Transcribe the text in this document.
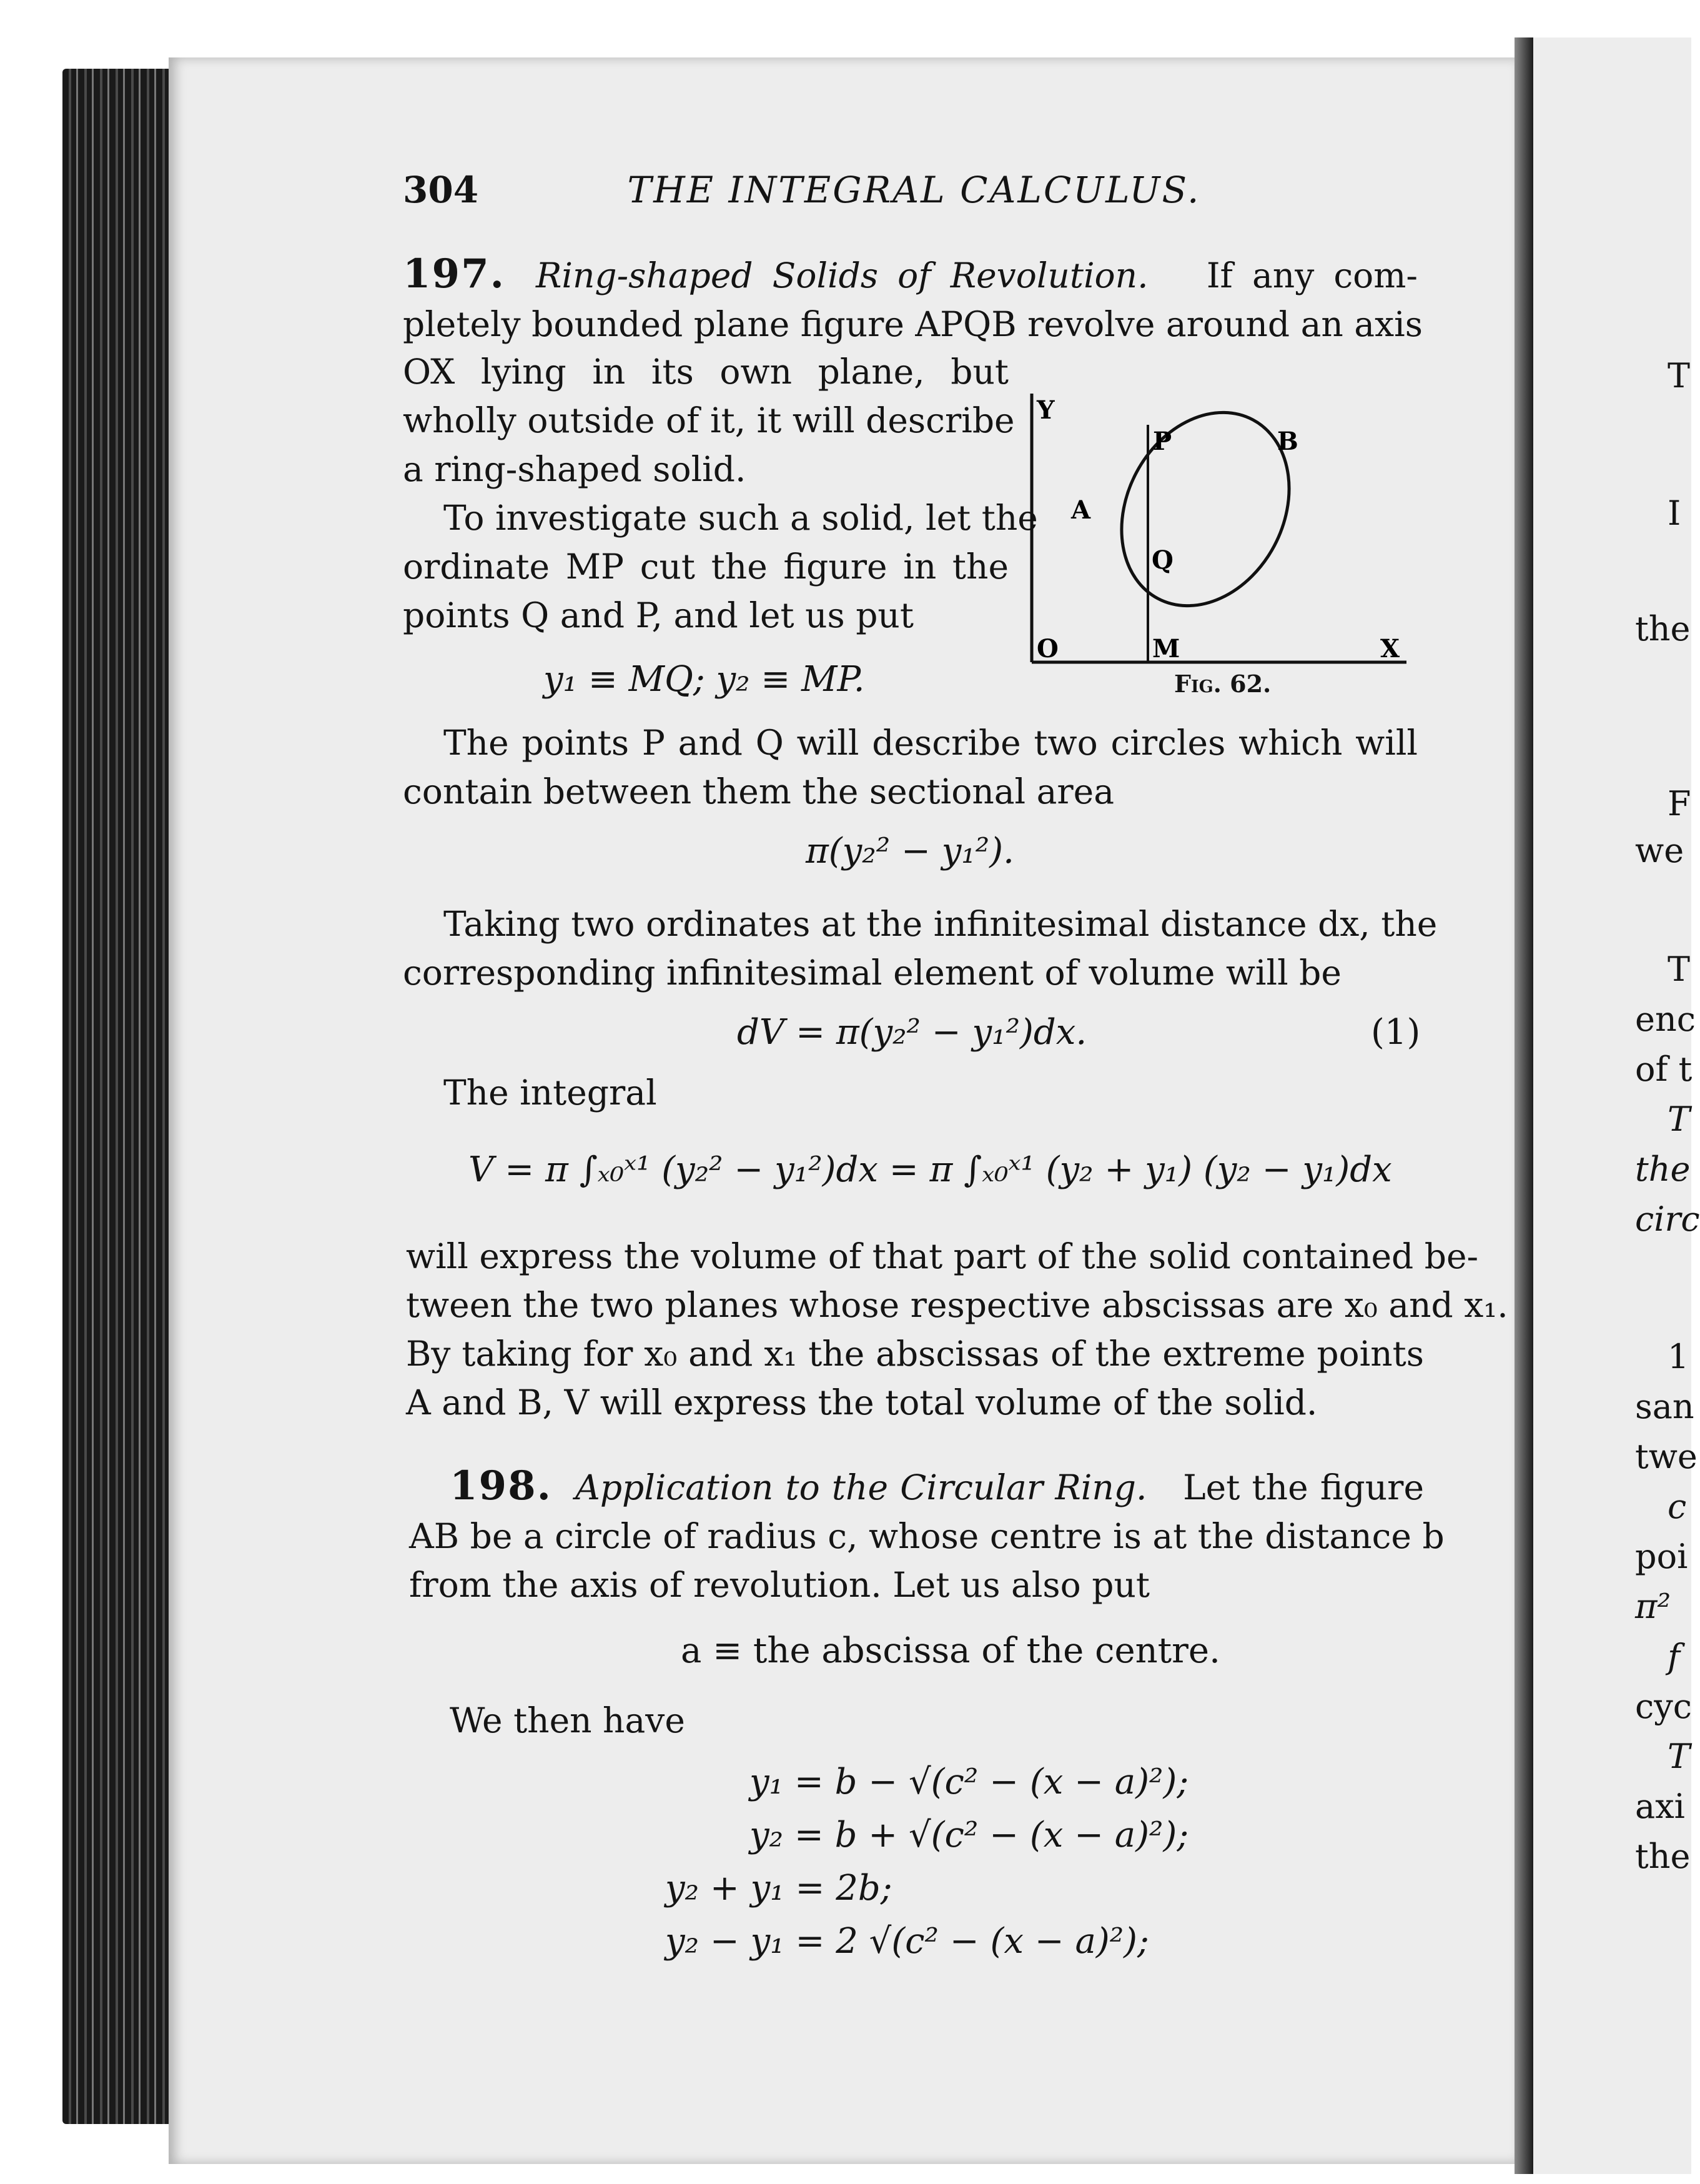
304	THE INTEGRAL CALCULUS.
197. Ring-shaped Solids of Revolution. If any com-
pletely bounded plane figure APQB revolve around an axis
OX lying in its own plane, but
wholly outside of it, it will describe
a ring-shaped solid.
To investigate such a solid, let the
ordinate MP cut the figure in the
points Q and P, and let us put
y₁ ≡ MQ; y₂ ≡ MP.
Y
P	B
A
Q
O	M	X
Fig. 62.
The points P and Q will describe two circles which will
contain between them the sectional area
π(y₂² − y₁²).
Taking two ordinates at the infinitesimal distance dx, the
corresponding infinitesimal element of volume will be
dV = π(y₂² − y₁²)dx.	(1)
The integral
V = π ∫ₓ₀ˣ¹ (y₂² − y₁²)dx = π ∫ₓ₀ˣ¹ (y₂ + y₁) (y₂ − y₁)dx
will express the volume of that part of the solid contained be-
tween the two planes whose respective abscissas are x₀ and x₁.
By taking for x₀ and x₁ the abscissas of the extreme points
A and B, V will express the total volume of the solid.
198. Application to the Circular Ring. Let the figure
AB be a circle of radius c, whose centre is at the distance b
from the axis of revolution. Let us also put
a ≡ the abscissa of the centre.
We then have
y₁ = b − √(c² − (x − a)²);
y₂ = b + √(c² − (x − a)²);
y₂ + y₁ = 2b;
y₂ − y₁ = 2 √(c² − (x − a)²);
T
I
the
F
we
T
enc
of t
T
the
circ
1
san
twe
c
poi
π²
f
cyc
T
axi
the
